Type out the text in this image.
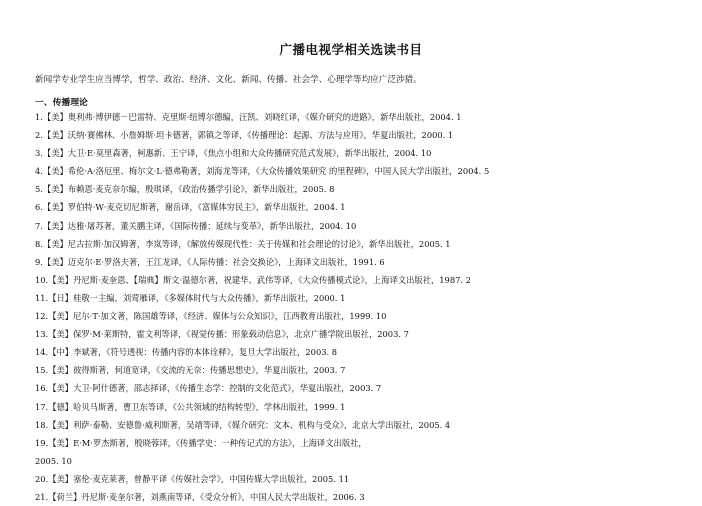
广播电视学相关选读书目
新闻学专业学生应当博学，哲学、政治、经济、文化、新闻、传播、社会学、心理学等均应广泛涉猎。
一、传播理论
1.【美】奥利弗·博伊德－巴雷特、克里斯·纽博尔德编，汪凯、刘晓红译，《媒介研究的进路》，新华出版社，2004. 1
2.【美】沃纳·赛佛林、小詹姆斯·坦卡德著，郭镇之等译，《传播理论：起源、方法与应用》，华夏出版社，2000. 1
3.【美】大卫·E·莫里森著，柯惠新、王宁译，《焦点小组和大众传播研究范式发展》，新华出版社，2004. 10
4.【美】希伦·A·洛厄里、梅尔文·L·德弗勒著，刘海龙等译，《大众传播效果研究 的里程碑》，中国人民大学出版社，2004. 5
5.【美】布赖恩·麦克奈尔编，殷琪译，《政治传播学引论》，新华出版社，2005. 8
6.【美】罗伯特·W·麦克切尼斯著，谢岳译，《富媒体穷民主》，新华出版社，2004. 1
7.【美】达雅·屠苏著，董关鹏主译，《国际传播：延续与变革》，新华出版社，2004. 10
8.【美】尼古拉斯·加汉姆著，李岚等译，《解放传媒现代性：关于传媒和社会理论的讨论》，新华出版社，2005. 1
9.【美】迈克尔·E·罗洛夫著，王江龙译，《人际传播：社会交换论》，上海译文出版社，1991. 6
10.【美】丹尼斯·麦奎恩、【瑞典】斯文·温德尔著，祝建华、武伟等译，《大众传播模式论》，上海译文出版社，1987. 2
11.【日】桂敬一主编，刘莺雁译，《多媒体时代与大众传播》，新华出版社，2000. 1
12.【美】尼尔·T·加文著，陈国雄等译，《经济、媒体与公众知识》，江西教育出版社，1999. 10
13.【美】保罗·M·莱斯特，霍文利等译，《视觉传播：形象载动信息》，北京广播学院出版社，2003. 7
14.【中】李斌著，《符号透视：传播内容的本体诠释》，复旦大学出版社，2003. 8
15.【美】彼得斯著，何道宽译，《交流的无奈：传播思想史》，华夏出版社，2003. 7
16.【美】大卫·阿什德著，邵志择译，《传播生态学：控制的文化范式》，华夏出版社，2003. 7
17.【德】哈贝马斯著，曹卫东等译，《公共领域的结构转型》，学林出版社，1999. 1
18.【美】利萨·泰勒、安德鲁·威利斯著，吴靖等译，《媒介研究：文本、机构与受众》，北京大学出版社，2005. 4
19.【美】E·M·罗杰斯著，殷晓蓉译，《传播学史：一种传记式的方法》，上海译文出版社，
2005. 10
20.【美】塞伦·麦克莱著，曾静平译《传媒社会学》，中国传媒大学出版社，2005. 11
21.【荷兰】丹尼斯·麦奎尔著，刘燕南等译，《受众分析》，中国人民大学出版社，2006. 3
